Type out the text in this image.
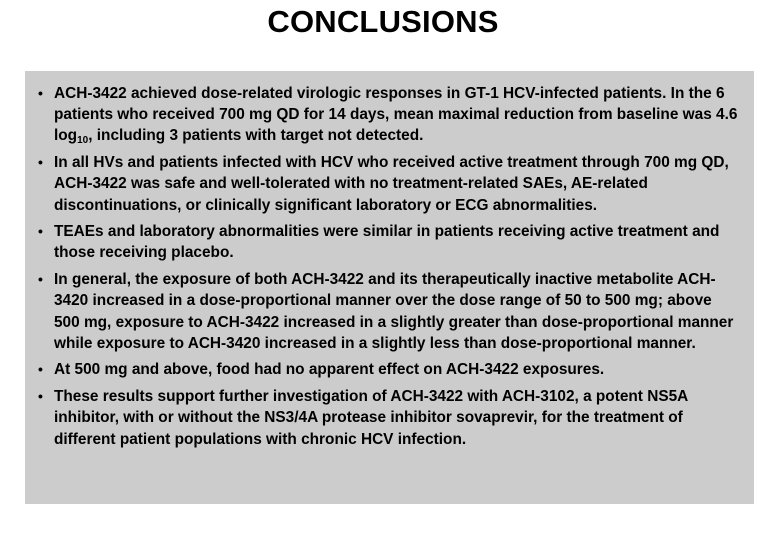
CONCLUSIONS
• ACH-3422 achieved dose-related virologic responses in GT-1 HCV-infected patients. In the 6 patients who received 700 mg QD for 14 days, mean maximal reduction from baseline was 4.6 $\log_{10}$, including 3 patients with target not detected.
• In all HVs and patients infected with HCV who received active treatment through 700 mg QD, ACH-3422 was safe and well-tolerated with no treatment-related SAEs, AE-related discontinuations, or clinically significant laboratory or ECG abnormalities.
• TEAEs and laboratory abnormalities were similar in patients receiving active treatment and those receiving placebo.
• In general, the exposure of both ACH-3422 and its therapeutically inactive metabolite ACH-3420 increased in a dose-proportional manner over the dose range of 50 to 500 mg; above 500 mg, exposure to ACH-3422 increased in a slightly greater than dose-proportional manner while exposure to ACH-3420 increased in a slightly less than dose-proportional manner.
• At 500 mg and above, food had no apparent effect on ACH-3422 exposures.
• These results support further investigation of ACH-3422 with ACH-3102, a potent NS5A inhibitor, with or without the NS3/4A protease inhibitor sovaprevir, for the treatment of different patient populations with chronic HCV infection.
